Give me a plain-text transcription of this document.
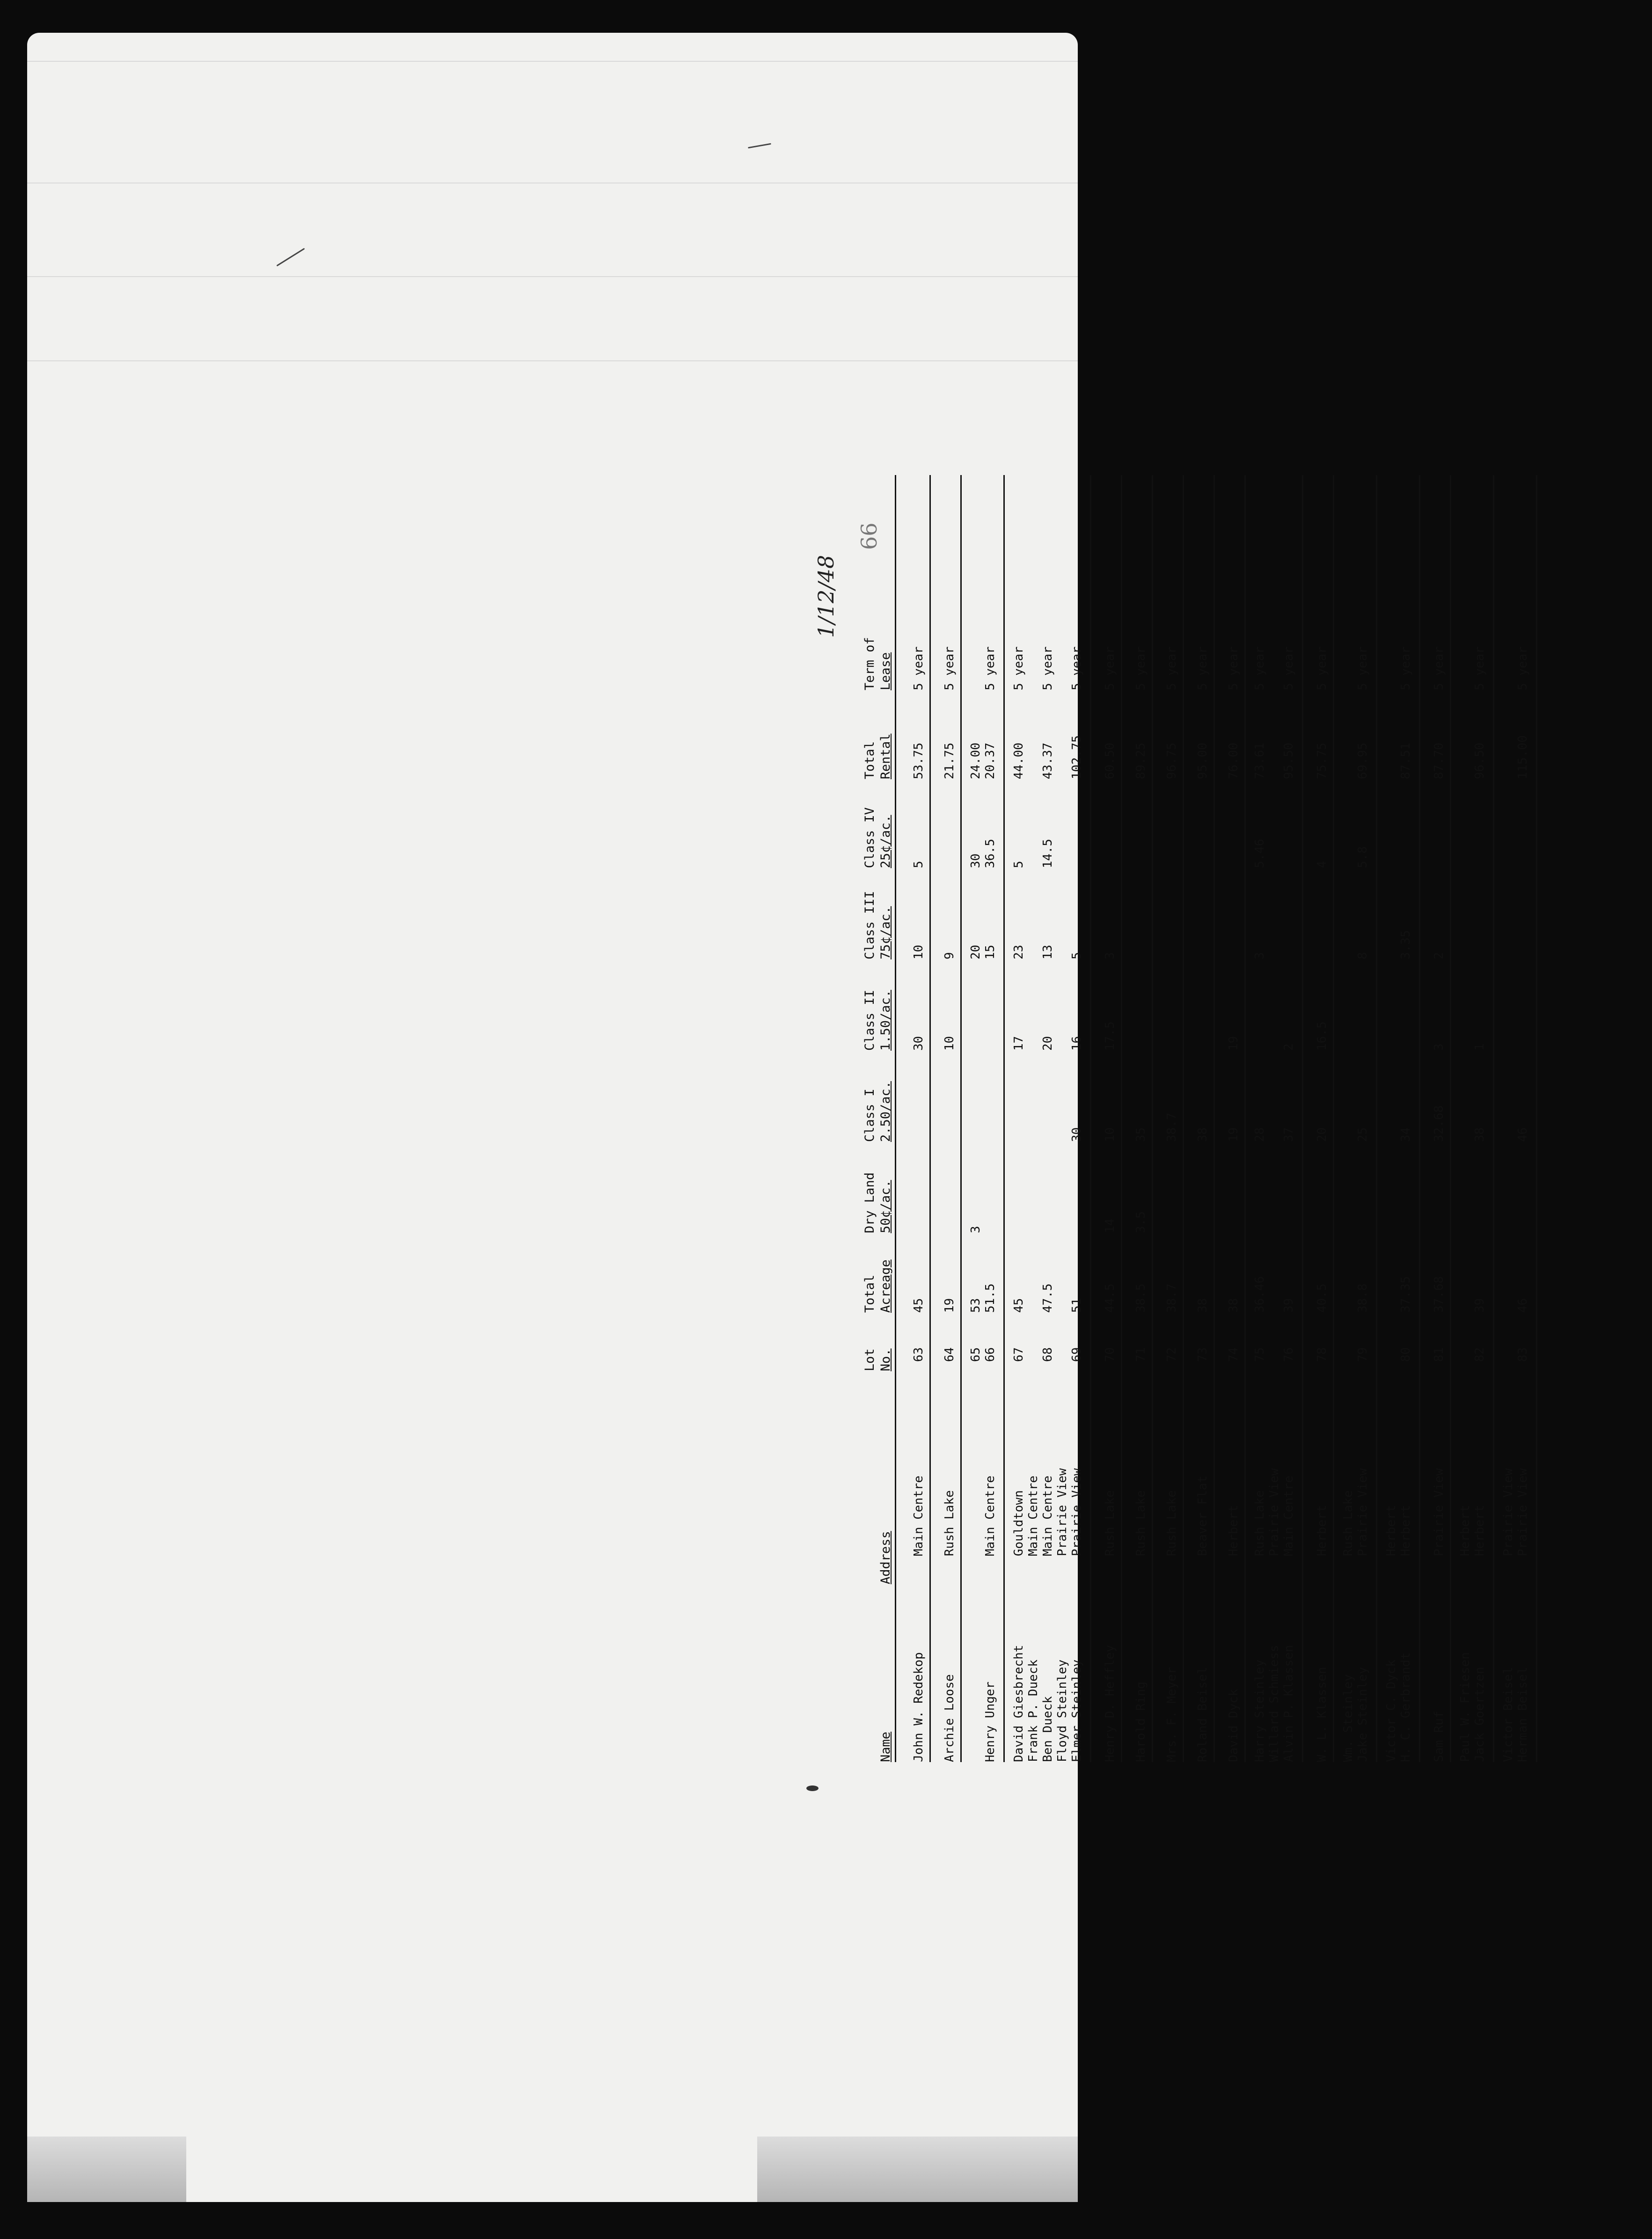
1/12/48
66
Name
Address
Lot No.
Total Acreage
Dry Land 50¢/ac.
Class I 2.50/ac.
Class II 1.50/ac.
Class III 75¢/ac.
Class IV 25¢/ac.
Total Rental
Term of Lease
John W. Redekop
Main Centre
63
45
30
10
5
53.75
5 year
Archie Loose
Rush Lake
64
19
10
9
21.75
5 year
65
53
3
20
30
24.00
Henry Unger
Main Centre
66
51.5
15
36.5
20.37
5 year
David Giesbrecht
Gouldtown
67
45
17
23
5
44.00
5 year
Frank P. Dueck
Main Centre
Ben Dueck
Main Centre
68
47.5
20
13
14.5
43.37
5 year
Floyd Steinley
Prairie View
Elmer Steinley
Prairie View
69
51
30
16
5
102.75
5 year
Henry D. Heffley
Rush Lake
70
44.5
14
10
17.5
3
60.50
5 year
Harold Ring
Rush Lake
71
38.5
3.5
35
89.25
5 year
Mrs. F. Meyer
Rush Lake
72
38.7
38.7
96.75
5 year
Roland Beisel
Beaver Flat
73
38
38
95.00
5 year
David Dyck
Herbert
74
38
19
19
76.00
5 year
Harry Steinley
Rush Lake
75
36.46
28
3
5.46
73.61
5 year
Willard Schmiess
Prairie View
Alvin P. Klassen
Main Centre
76
39
37
2
95.50
5 year
W. L. Klassen
Herbert
78
40.5
20
16.5
4
75.75
5 year
Wm. Steinley
Rush Lake
Jake Steinley
Prairie View
79
38.8
25
8
5.8
69.95
5 year
Victor C. Dyck
Herbert
H. C. Gerbrandt
Herbert
80
37.35
34
3.35
87.51
5 year
Sam Ruf
Prairie View
81
37.68
32.68
3
2
87.70
5 year
Paul W. Friesen
Herbert
Jack Goertzen
Herbert
82
39
38
1
96.50
5 year
Victor Beisel
Prairie View
Herman Beisel
Prairie View
83
46
46
115.00
5 year
